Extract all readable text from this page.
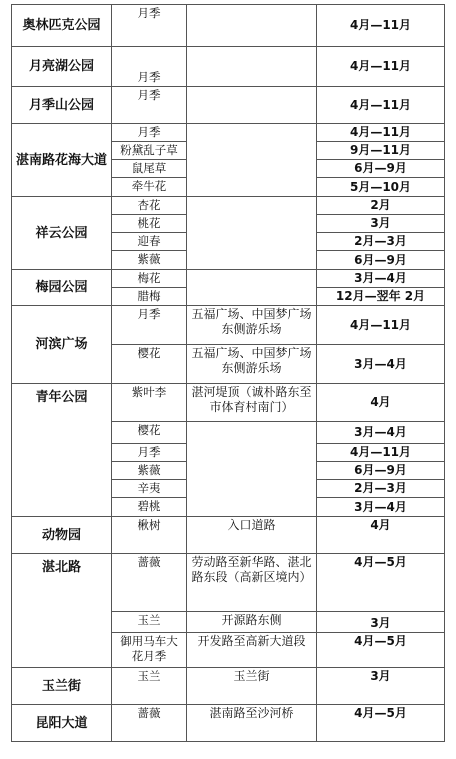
奥林匹克公园	月季		4月—11月
月亮湖公园	月季		4月—11月
月季山公园	月季		4月—11月
湛南路花海大道	月季		4月—11月
	粉黛乱子草		9月—11月
	鼠尾草		6月—9月
	牵牛花		5月—10月
祥云公园	杏花		2月
	桃花		3月
	迎春		2月—3月
	紫薇		6月—9月
梅园公园	梅花		3月—4月
	腊梅		12月—翌年 2月
河滨广场	月季	五福广场、中国梦广场东侧游乐场	4月—11月
	樱花	五福广场、中国梦广场东侧游乐场	3月—4月
青年公园	紫叶李	湛河堤顶（诚朴路东至市体育村南门）	4月
	樱花		3月—4月
	月季		4月—11月
	紫薇		6月—9月
	辛夷		2月—3月
	碧桃		3月—4月
动物园	楸树	入口道路	4月
湛北路	蔷薇	劳动路至新华路、湛北路东段（高新区境内）	4月—5月
	玉兰	开源路东侧	3月
	御用马车大花月季	开发路至高新大道段	4月—5月
玉兰街	玉兰	玉兰街	3月
昆阳大道	蔷薇	湛南路至沙河桥	4月—5月
